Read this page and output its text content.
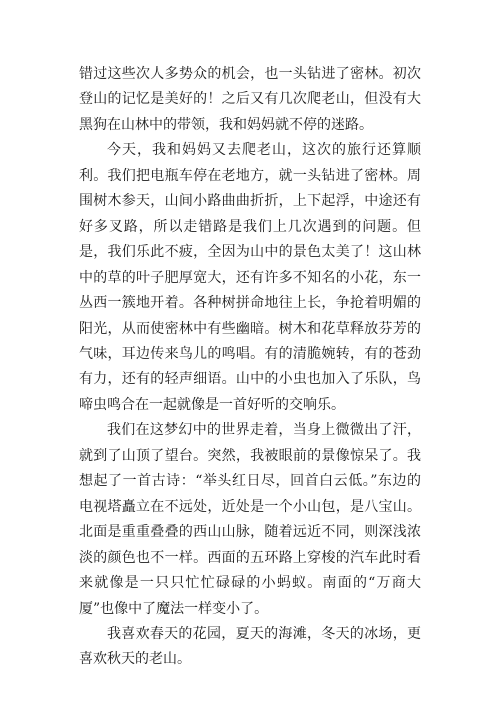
错过这些次人多势众的机会，也一头钻进了密林。初次登山的记忆是美好的！之后又有几次爬老山，但没有大黑狗在山林中的带领，我和妈妈就不停的迷路。

今天，我和妈妈又去爬老山，这次的旅行还算顺利。我们把电瓶车停在老地方，就一头钻进了密林。周围树木参天，山间小路曲曲折折，上下起浮，中途还有好多叉路，所以走错路是我们上几次遇到的问题。但是，我们乐此不疲，全因为山中的景色太美了！这山林中的草的叶子肥厚宽大，还有许多不知名的小花，东一丛西一簇地开着。各种树拼命地往上长，争抢着明媚的阳光，从而使密林中有些幽暗。树木和花草释放芬芳的气味，耳边传来鸟儿的鸣唱。有的清脆婉转，有的苍劲有力，还有的轻声细语。山中的小虫也加入了乐队，鸟啼虫鸣合在一起就像是一首好听的交响乐。

我们在这梦幻中的世界走着，当身上微微出了汗，就到了山顶了望台。突然，我被眼前的景像惊呆了。我想起了一首古诗：“举头红日尽，回首白云低。”东边的电视塔矗立在不远处，近处是一个小山包，是八宝山。北面是重重叠叠的西山山脉，随着远近不同，则深浅浓淡的颜色也不一样。西面的五环路上穿梭的汽车此时看来就像是一只只忙忙碌碌的小蚂蚁。南面的“万商大厦”也像中了魔法一样变小了。

我喜欢春天的花园，夏天的海滩，冬天的冰场，更喜欢秋天的老山。
